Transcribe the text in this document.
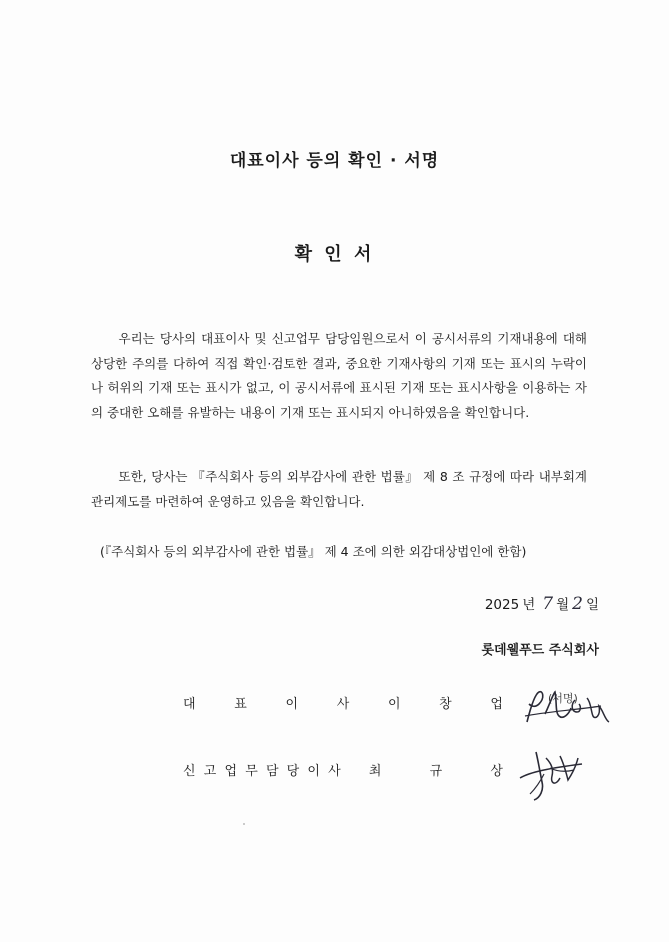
대표이사 등의 확인 · 서명
확 인 서

우리는 당사의 대표이사 및 신고업무 담당임원으로서 이 공시서류의 기재내용에 대해 상당한 주의를 다하여 직접 확인·검토한 결과, 중요한 기재사항의 기재 또는 표시의 누락이나 허위의 기재 또는 표시가 없고, 이 공시서류에 표시된 기재 또는 표시사항을 이용하는 자의 중대한 오해를 유발하는 내용이 기재 또는 표시되지 아니하였음을 확인합니다.

또한, 당사는 『주식회사 등의 외부감사에 관한 법률』 제 8 조 규정에 따라 내부회계관리제도를 마련하여 운영하고 있음을 확인합니다.

(『주식회사 등의 외부감사에 관한 법률』 제 4 조에 의한 외감대상법인에 한함)
2025 년 7 월 2 일
롯데웰푸드 주식회사
대	표	이	사	이	창	업	(서명)
신 고 업 무 담 당 이 사 최	규	상
